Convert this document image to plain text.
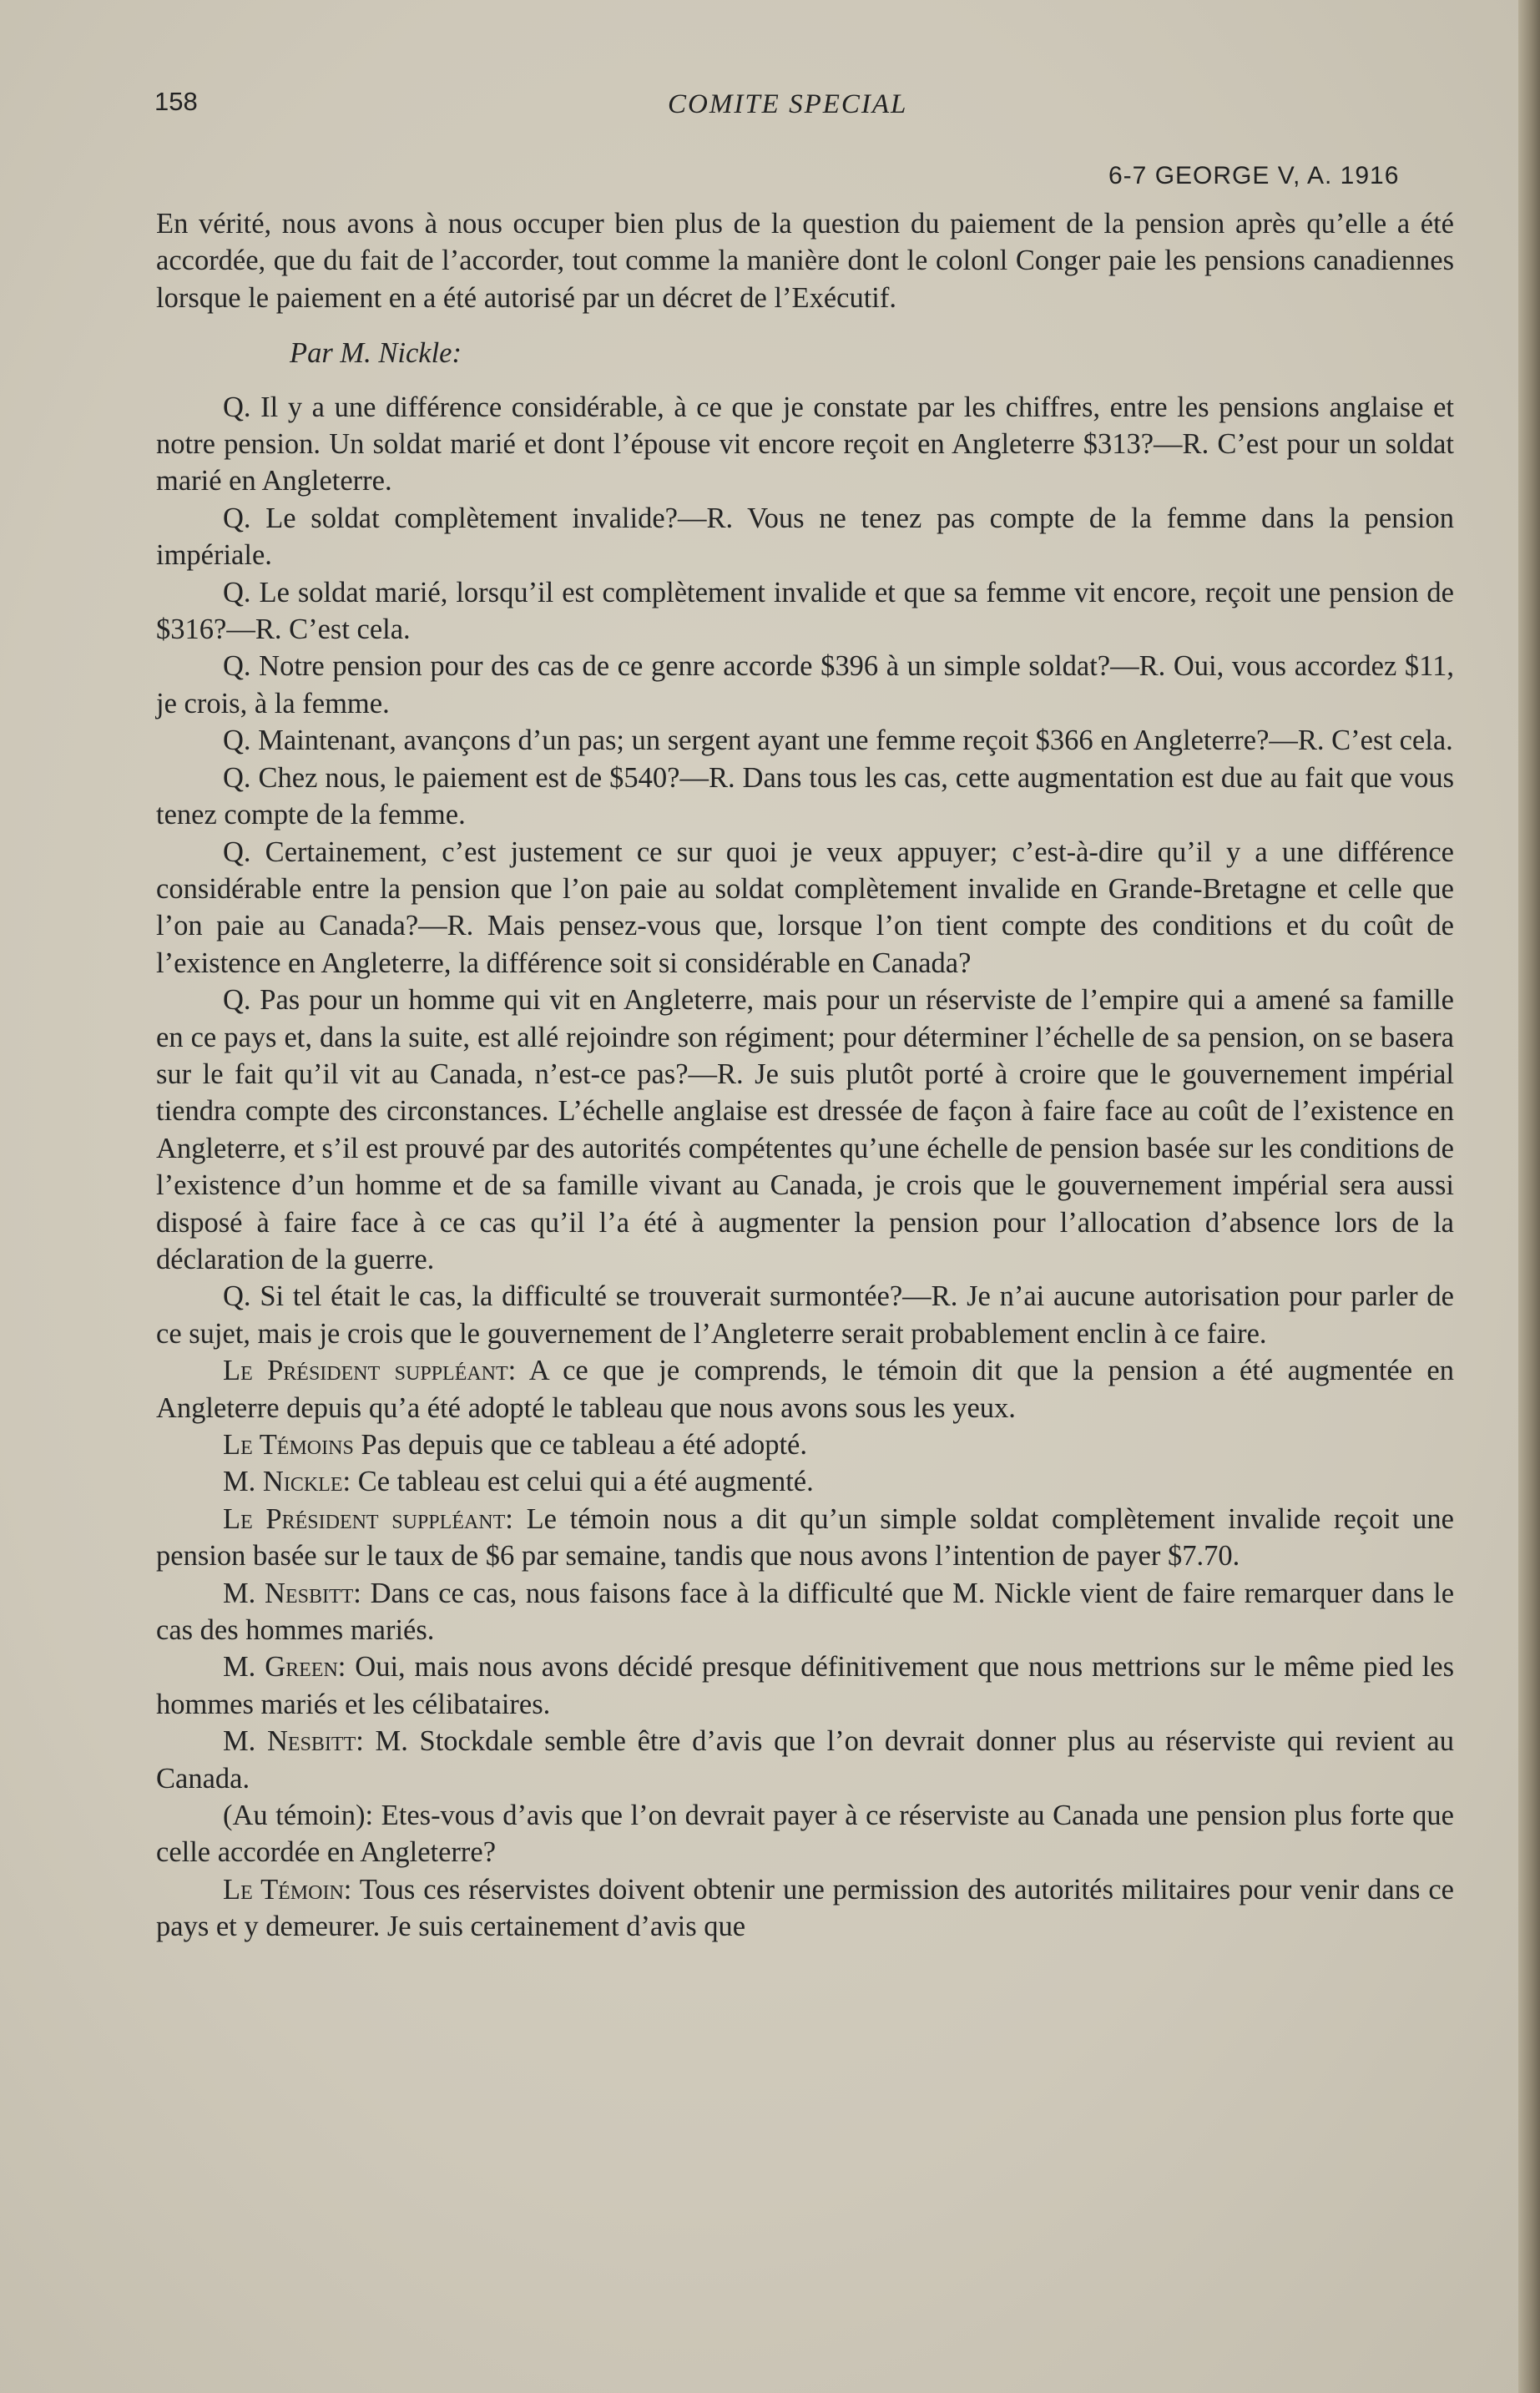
158	COMITE SPECIAL
6-7 GEORGE V, A. 1916

En vérité, nous avons à nous occuper bien plus de la question du paiement de la pension après qu’elle a été accordée, que du fait de l’accorder, tout comme la manière dont le colonl Conger paie les pensions canadiennes lorsque le paiement en a été autorisé par un décret de l’Exécutif.

Par M. Nickle:

Q. Il y a une différence considérable, à ce que je constate par les chiffres, entre les pensions anglaise et notre pension. Un soldat marié et dont l’épouse vit encore reçoit en Angleterre $313?—R. C’est pour un soldat marié en Angleterre.

Q. Le soldat complètement invalide?—R. Vous ne tenez pas compte de la femme dans la pension impériale.

Q. Le soldat marié, lorsqu’il est complètement invalide et que sa femme vit encore, reçoit une pension de $316?—R. C’est cela.

Q. Notre pension pour des cas de ce genre accorde $396 à un simple soldat?—R. Oui, vous accordez $11, je crois, à la femme.

Q. Maintenant, avançons d’un pas; un sergent ayant une femme reçoit $366 en Angleterre?—R. C’est cela.

Q. Chez nous, le paiement est de $540?—R. Dans tous les cas, cette augmentation est due au fait que vous tenez compte de la femme.

Q. Certainement, c’est justement ce sur quoi je veux appuyer; c’est-à-dire qu’il y a une différence considérable entre la pension que l’on paie au soldat complètement invalide en Grande-Bretagne et celle que l’on paie au Canada?—R. Mais pensez-vous que, lorsque l’on tient compte des conditions et du coût de l’existence en Angleterre, la différence soit si considérable en Canada?

Q. Pas pour un homme qui vit en Angleterre, mais pour un réserviste de l’empire qui a amené sa famille en ce pays et, dans la suite, est allé rejoindre son régiment; pour déterminer l’échelle de sa pension, on se basera sur le fait qu’il vit au Canada, n’est-ce pas?—R. Je suis plutôt porté à croire que le gouvernement impérial tiendra compte des circonstances. L’échelle anglaise est dressée de façon à faire face au coût de l’existence en Angleterre, et s’il est prouvé par des autorités compétentes qu’une échelle de pension basée sur les conditions de l’existence d’un homme et de sa famille vivant au Canada, je crois que le gouvernement impérial sera aussi disposé à faire face à ce cas qu’il l’a été à augmenter la pension pour l’allocation d’absence lors de la déclaration de la guerre.

Q. Si tel était le cas, la difficulté se trouverait surmontée?—R. Je n’ai aucune autorisation pour parler de ce sujet, mais je crois que le gouvernement de l’Angleterre serait probablement enclin à ce faire.

Le Président suppléant: A ce que je comprends, le témoin dit que la pension a été augmentée en Angleterre depuis qu’a été adopté le tableau que nous avons sous les yeux.

Le Témoins Pas depuis que ce tableau a été adopté.

M. Nickle: Ce tableau est celui qui a été augmenté.

Le Président suppléant: Le témoin nous a dit qu’un simple soldat complètement invalide reçoit une pension basée sur le taux de $6 par semaine, tandis que nous avons l’intention de payer $7.70.

M. Nesbitt: Dans ce cas, nous faisons face à la difficulté que M. Nickle vient de faire remarquer dans le cas des hommes mariés.

M. Green: Oui, mais nous avons décidé presque définitivement que nous mettrions sur le même pied les hommes mariés et les célibataires.

M. Nesbitt: M. Stockdale semble être d’avis que l’on devrait donner plus au réserviste qui revient au Canada.

(Au témoin): Etes-vous d’avis que l’on devrait payer à ce réserviste au Canada une pension plus forte que celle accordée en Angleterre?

Le Témoin: Tous ces réservistes doivent obtenir une permission des autorités militaires pour venir dans ce pays et y demeurer. Je suis certainement d’avis que
